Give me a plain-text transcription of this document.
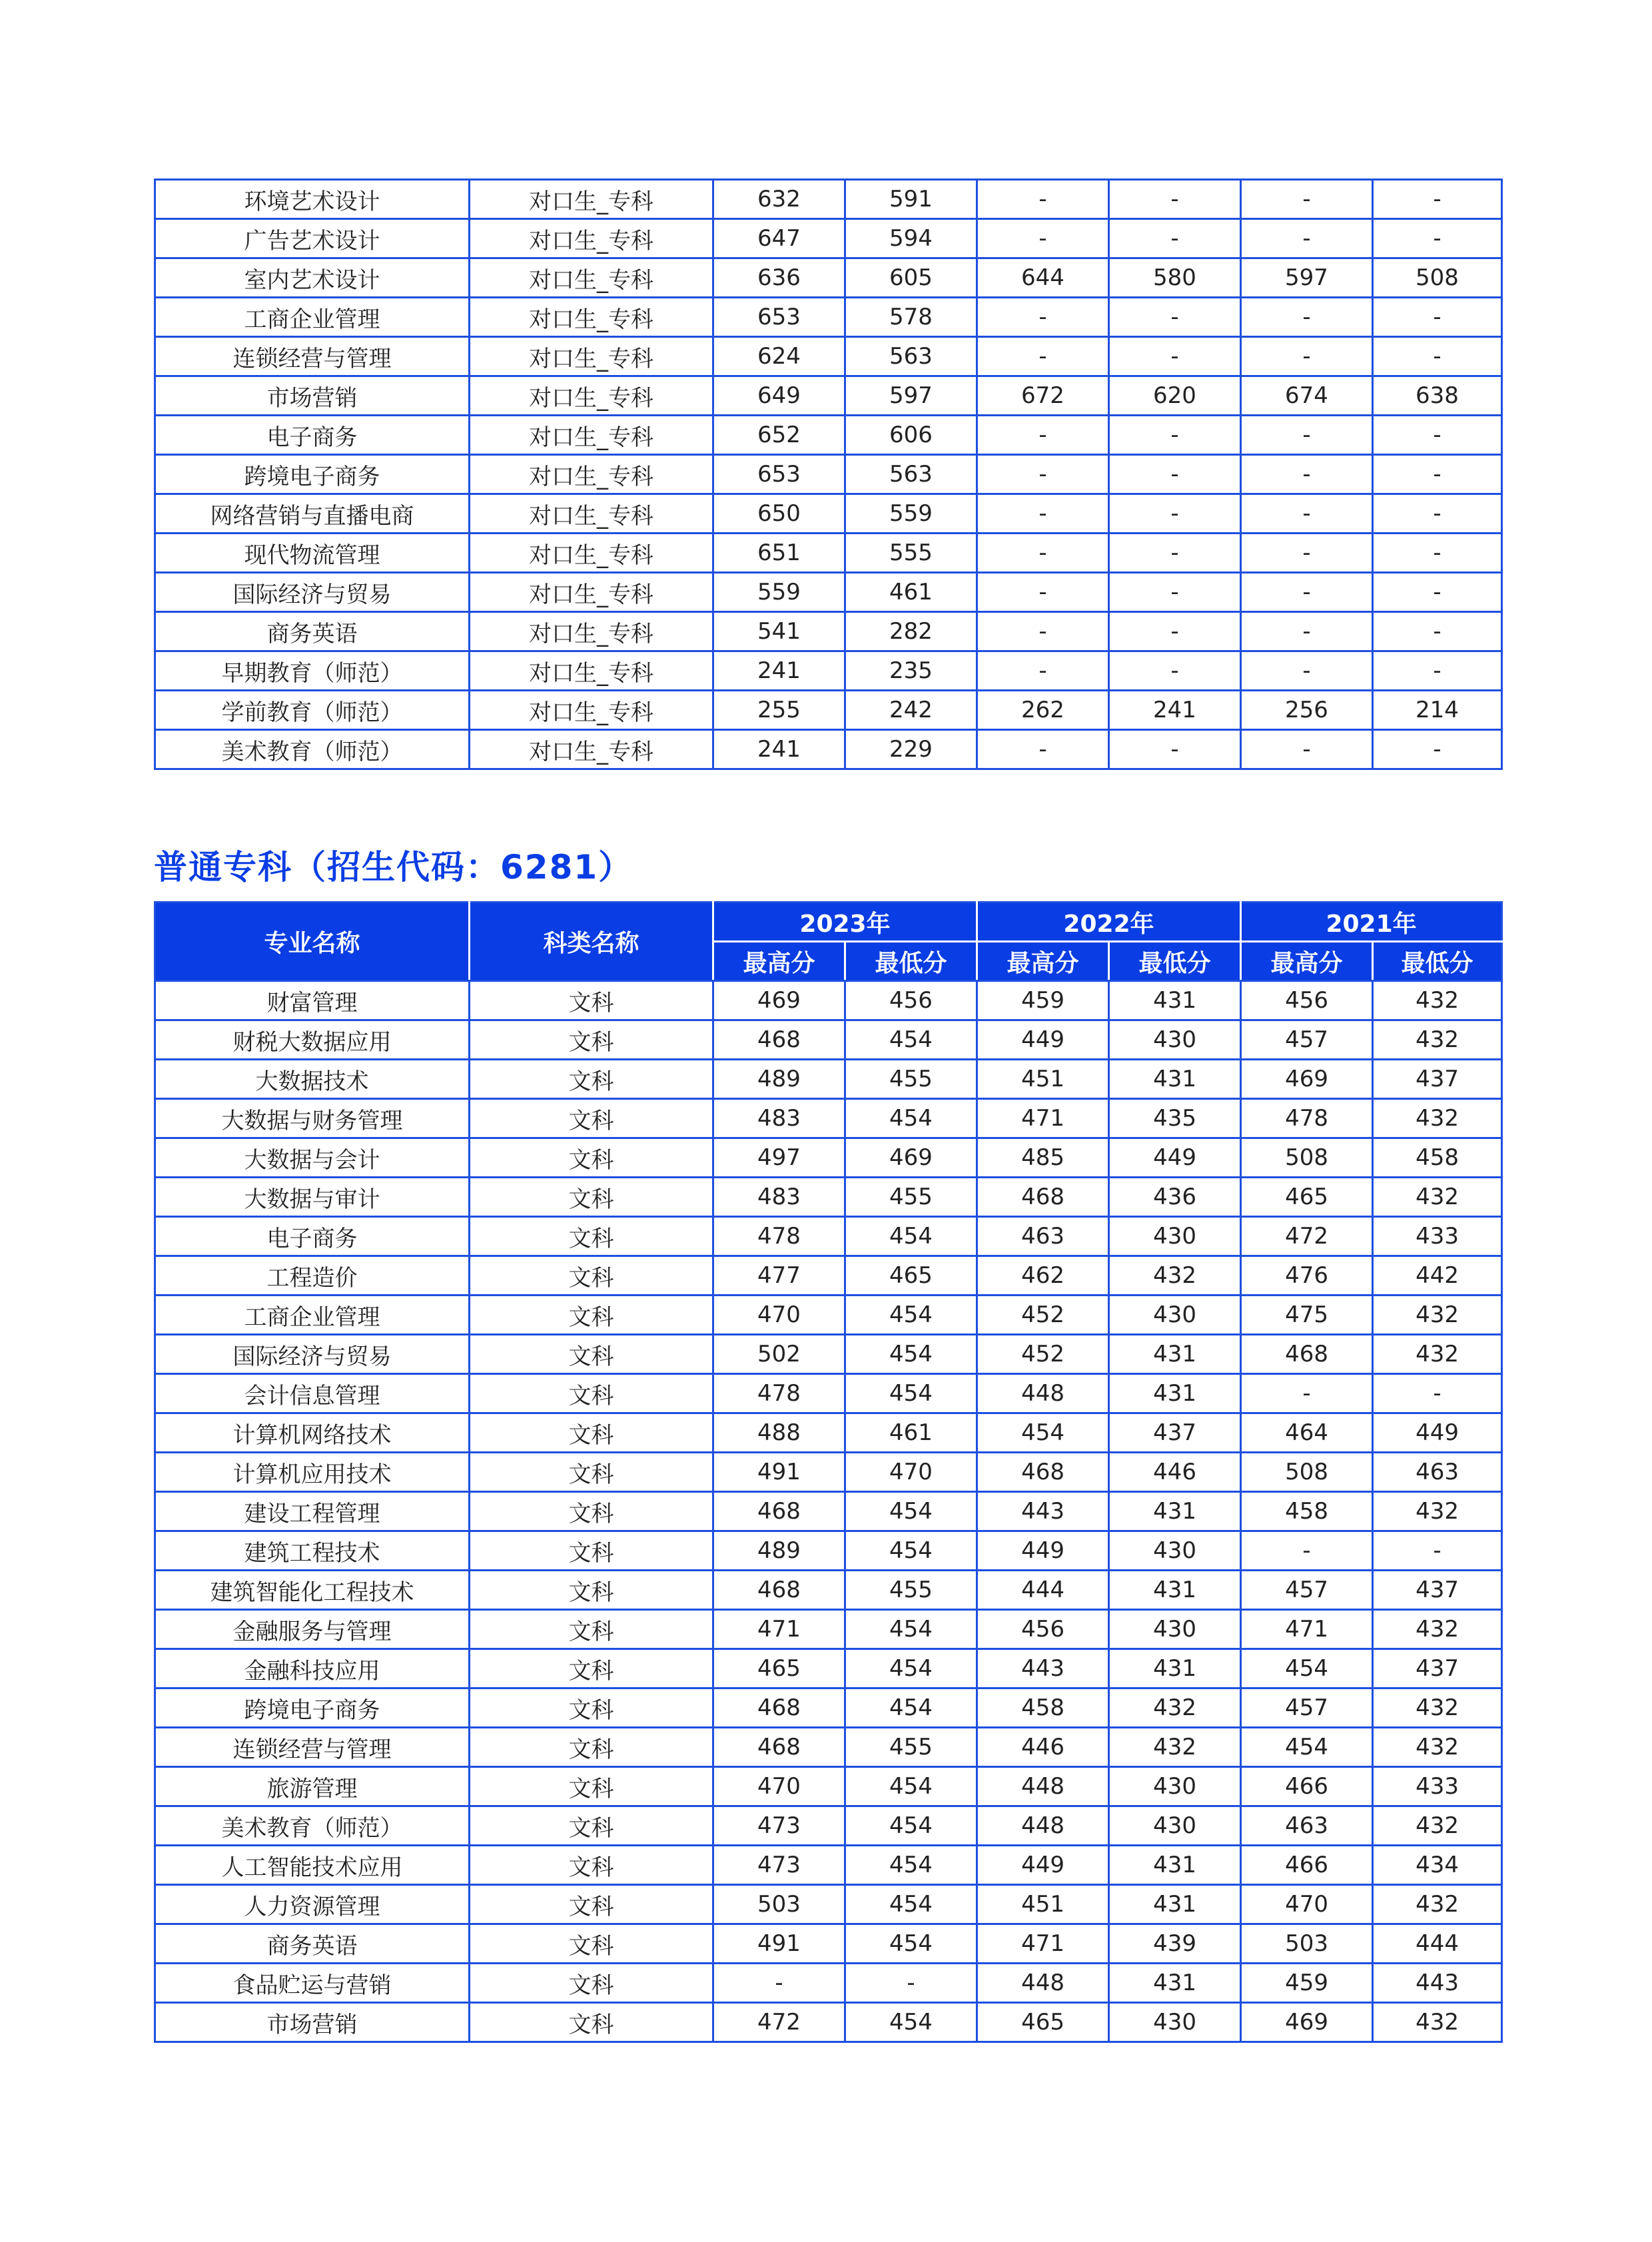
环境艺术设计	对口生_专科	632	591	-	-	-	-
广告艺术设计	对口生_专科	647	594	-	-	-	-
室内艺术设计	对口生_专科	636	605	644	580	597	508
工商企业管理	对口生_专科	653	578	-	-	-	-
连锁经营与管理	对口生_专科	624	563	-	-	-	-
市场营销	对口生_专科	649	597	672	620	674	638
电子商务	对口生_专科	652	606	-	-	-	-
跨境电子商务	对口生_专科	653	563	-	-	-	-
网络营销与直播电商	对口生_专科	650	559	-	-	-	-
现代物流管理	对口生_专科	651	555	-	-	-	-
国际经济与贸易	对口生_专科	559	461	-	-	-	-
商务英语	对口生_专科	541	282	-	-	-	-
早期教育（师范）	对口生_专科	241	235	-	-	-	-
学前教育（师范）	对口生_专科	255	242	262	241	256	214
美术教育（师范）	对口生_专科	241	229	-	-	-	-
普通专科（招生代码：6281）
专业名称	科类名称	2023年		2022年		2021年	
		最高分	最低分	最高分	最低分	最高分	最低分
财富管理	文科	469	456	459	431	456	432
财税大数据应用	文科	468	454	449	430	457	432
大数据技术	文科	489	455	451	431	469	437
大数据与财务管理	文科	483	454	471	435	478	432
大数据与会计	文科	497	469	485	449	508	458
大数据与审计	文科	483	455	468	436	465	432
电子商务	文科	478	454	463	430	472	433
工程造价	文科	477	465	462	432	476	442
工商企业管理	文科	470	454	452	430	475	432
国际经济与贸易	文科	502	454	452	431	468	432
会计信息管理	文科	478	454	448	431	-	-
计算机网络技术	文科	488	461	454	437	464	449
计算机应用技术	文科	491	470	468	446	508	463
建设工程管理	文科	468	454	443	431	458	432
建筑工程技术	文科	489	454	449	430	-	-
建筑智能化工程技术	文科	468	455	444	431	457	437
金融服务与管理	文科	471	454	456	430	471	432
金融科技应用	文科	465	454	443	431	454	437
跨境电子商务	文科	468	454	458	432	457	432
连锁经营与管理	文科	468	455	446	432	454	432
旅游管理	文科	470	454	448	430	466	433
美术教育（师范）	文科	473	454	448	430	463	432
人工智能技术应用	文科	473	454	449	431	466	434
人力资源管理	文科	503	454	451	431	470	432
商务英语	文科	491	454	471	439	503	444
食品贮运与营销	文科	-	-	448	431	459	443
市场营销	文科	472	454	465	430	469	432
